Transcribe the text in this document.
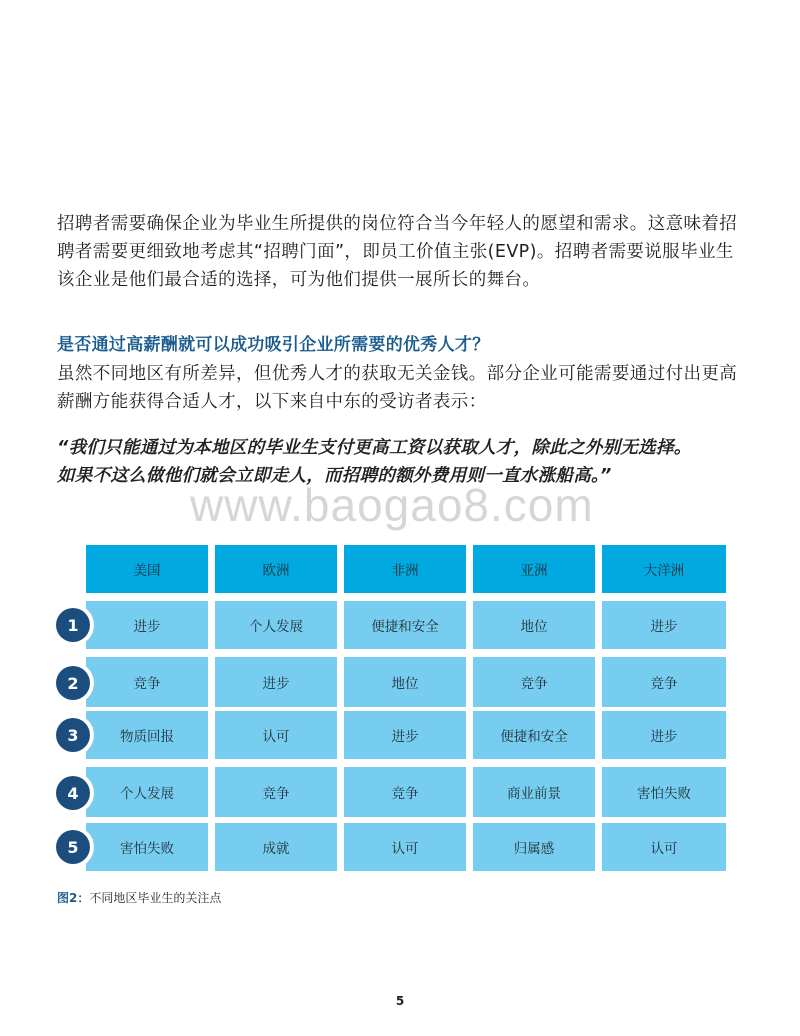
招聘者需要确保企业为毕业生所提供的岗位符合当今年轻人的愿望和需求。这意味着招聘者需要更细致地考虑其“招聘门面”，即员工价值主张(EVP)。招聘者需要说服毕业生该企业是他们最合适的选择，可为他们提供一展所长的舞台。

是否通过高薪酬就可以成功吸引企业所需要的优秀人才？

虽然不同地区有所差异，但优秀人才的获取无关金钱。部分企业可能需要通过付出更高薪酬方能获得合适人才，以下来自中东的受访者表示：

“我们只能通过为本地区的毕业生支付更高工资以获取人才，除此之外别无选择。
如果不这么做他们就会立即走人，而招聘的额外费用则一直水涨船高。”

www.baogao8.com
美国	欧洲	非洲	亚洲	大洋洲
1	进步	个人发展	便捷和安全	地位	进步
2	竞争	进步	地位	竞争	竞争
3	物质回报	认可	进步	便捷和安全	进步
4	个人发展	竞争	竞争	商业前景	害怕失败
5	害怕失败	成就	认可	归属感	认可
图2：不同地区毕业生的关注点
5
